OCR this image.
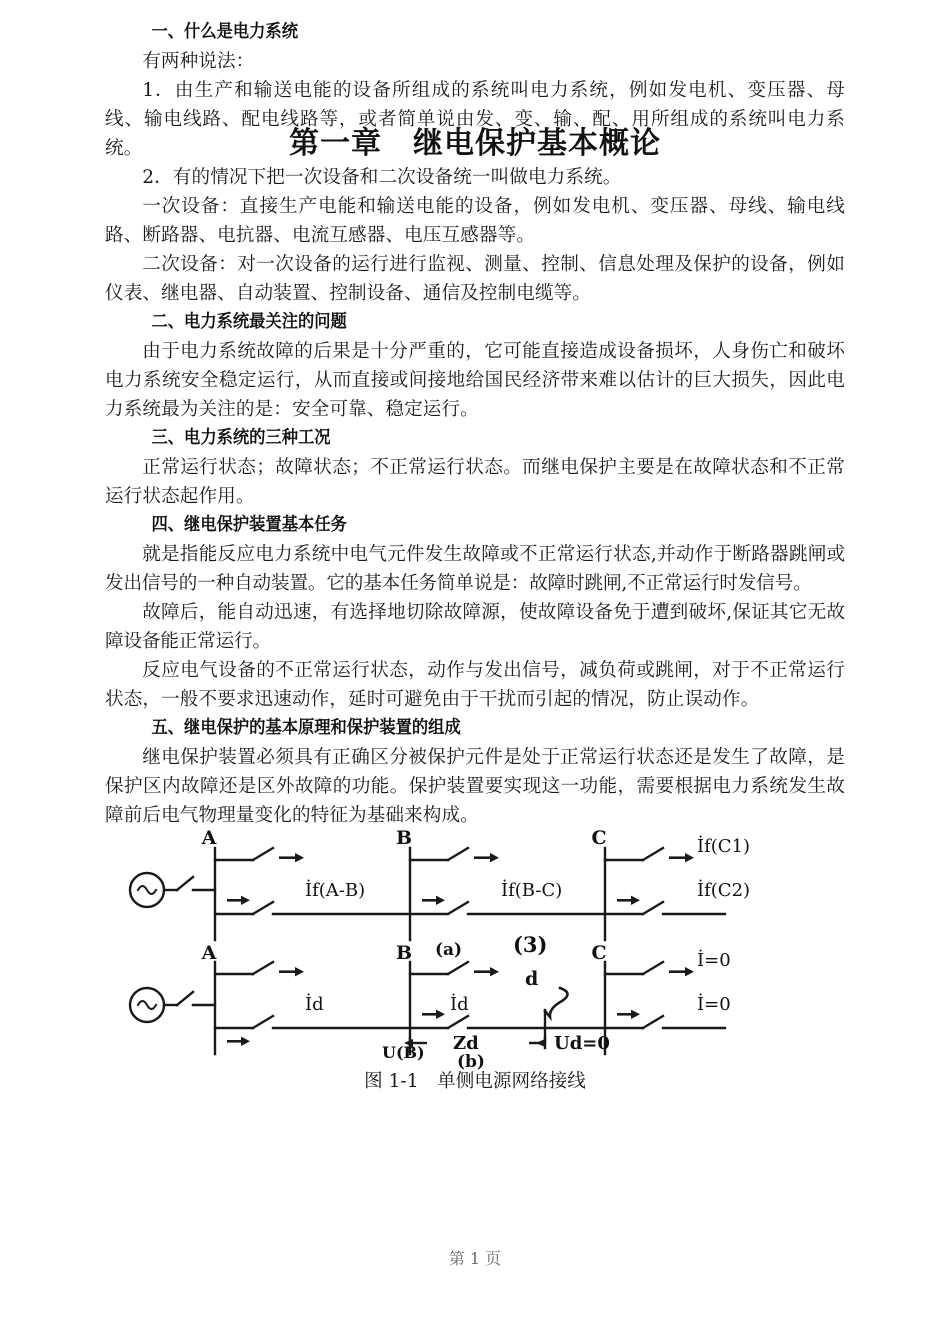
第一章　继电保护基本概论
一、什么是电力系统

有两种说法：

1．由生产和输送电能的设备所组成的系统叫电力系统，例如发电机、变压器、母线、输电线路、配电线路等，或者简单说由发、变、输、配、用所组成的系统叫电力系统。

2．有的情况下把一次设备和二次设备统一叫做电力系统。

一次设备：直接生产电能和输送电能的设备，例如发电机、变压器、母线、输电线路、断路器、电抗器、电流互感器、电压互感器等。

二次设备：对一次设备的运行进行监视、测量、控制、信息处理及保护的设备，例如仪表、继电器、自动装置、控制设备、通信及控制电缆等。

二、电力系统最关注的问题

由于电力系统故障的后果是十分严重的，它可能直接造成设备损坏，人身伤亡和破坏电力系统安全稳定运行，从而直接或间接地给国民经济带来难以估计的巨大损失，因此电力系统最为关注的是：安全可靠、稳定运行。

三、电力系统的三种工况

正常运行状态；故障状态；不正常运行状态。而继电保护主要是在故障状态和不正常运行状态起作用。

四、继电保护装置基本任务

就是指能反应电力系统中电气元件发生故障或不正常运行状态,并动作于断路器跳闸或发出信号的一种自动装置。它的基本任务简单说是：故障时跳闸,不正常运行时发信号。

故障后，能自动迅速，有选择地切除故障源，使故障设备免于遭到破坏,保证其它无故障设备能正常运行。

反应电气设备的不正常运行状态，动作与发出信号，减负荷或跳闸，对于不正常运行状态，一般不要求迅速动作，延时可避免由于干扰而引起的情况，防止误动作。

五、继电保护的基本原理和保护装置的组成

继电保护装置必须具有正确区分被保护元件是处于正常运行状态还是发生了故障，是保护区内故障还是区外故障的功能。保护装置要实现这一功能，需要根据电力系统发生故障前后电气物理量变化的特征为基础来构成。

A	B	C
İf(A-B)	İf(B-C)
İf(C1)
İf(C2)
(a) (3)
A	B	C
İd	İd
İ=0
İ=0
d
U(B) Zd	Ud=0
(b)
图 1-1　单侧电源网络接线
第 1 页
